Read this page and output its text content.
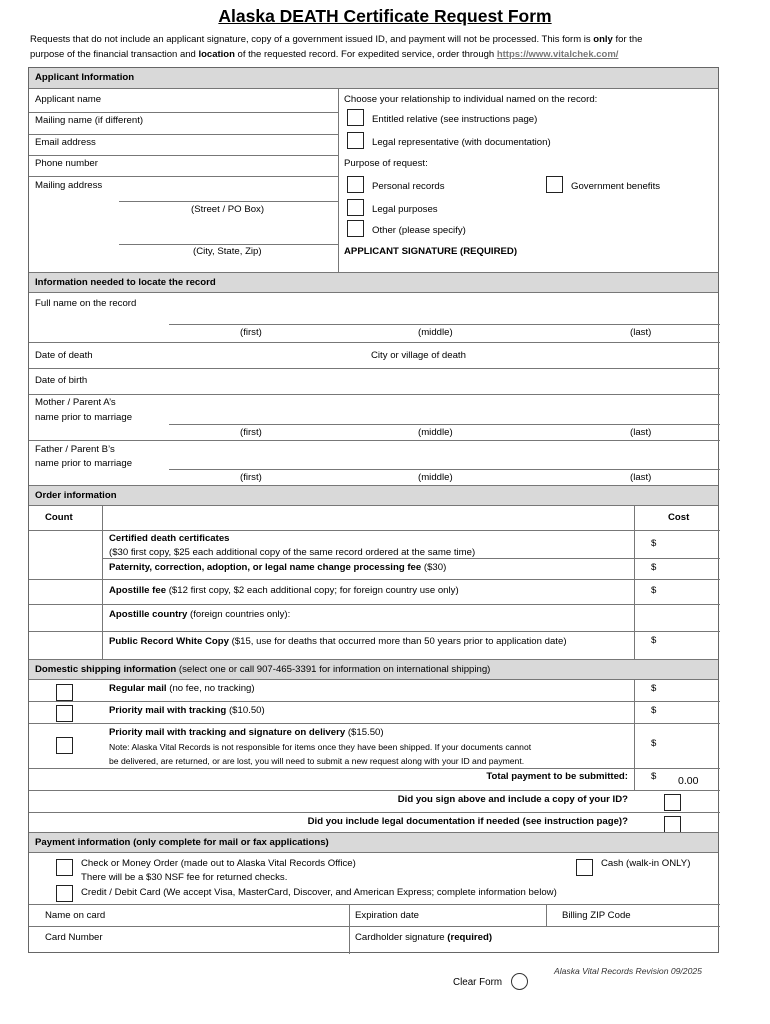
Alaska DEATH Certificate Request Form
Requests that do not include an applicant signature, copy of a government issued ID, and payment will not be processed. This form is only for the
purpose of the financial transaction and location of the requested record. For expedited service, order through https://www.vitalchek.com/
Applicant Information
Applicant name
Mailing name (if different)
Email address
Phone number
Mailing address
(Street / PO Box)
(City, State, Zip)
Choose your relationship to individual named on the record:
Entitled relative (see instructions page)
Legal representative (with documentation)
Purpose of request:
Personal records	Government benefits
Legal purposes
Other (please specify)
APPLICANT SIGNATURE (REQUIRED)
Information needed to locate the record
Full name on the record
(first)	(middle)	(last)
Date of death	City or village of death
Date of birth
Mother / Parent A’s
name prior to marriage
(first)	(middle)	(last)
Father / Parent B’s
name prior to marriage
(first)	(middle)	(last)
Order information
Count	Cost
Certified death certificates
($30 first copy, $25 each additional copy of the same record ordered at the same time)
$
Paternity, correction, adoption, or legal name change processing fee ($30)	$
Apostille fee ($12 first copy, $2 each additional copy; for foreign country use only)	$
Apostille country (foreign countries only):
Public Record White Copy ($15, use for deaths that occurred more than 50 years prior to application date)	$
Domestic shipping information (select one or call 907-465-3391 for information on international shipping)
Regular mail (no fee, no tracking)	$
Priority mail with tracking ($10.50)	$
Priority mail with tracking and signature on delivery ($15.50)
Note: Alaska Vital Records is not responsible for items once they have been shipped. If your documents cannot
be delivered, are returned, or are lost, you will need to submit a new request along with your ID and payment.
$
Total payment to be submitted: $ 0.00
Did you sign above and include a copy of your ID?
Did you include legal documentation if needed (see instruction page)?
Payment information (only complete for mail or fax applications)
Check or Money Order (made out to Alaska Vital Records Office)
There will be a $30 NSF fee for returned checks.
Cash (walk-in ONLY)
Credit / Debit Card (We accept Visa, MasterCard, Discover, and American Express; complete information below)
Name on card	Expiration date	Billing ZIP Code
Card Number	Cardholder signature (required)
Alaska Vital Records Revision 09/2025
Clear Form
